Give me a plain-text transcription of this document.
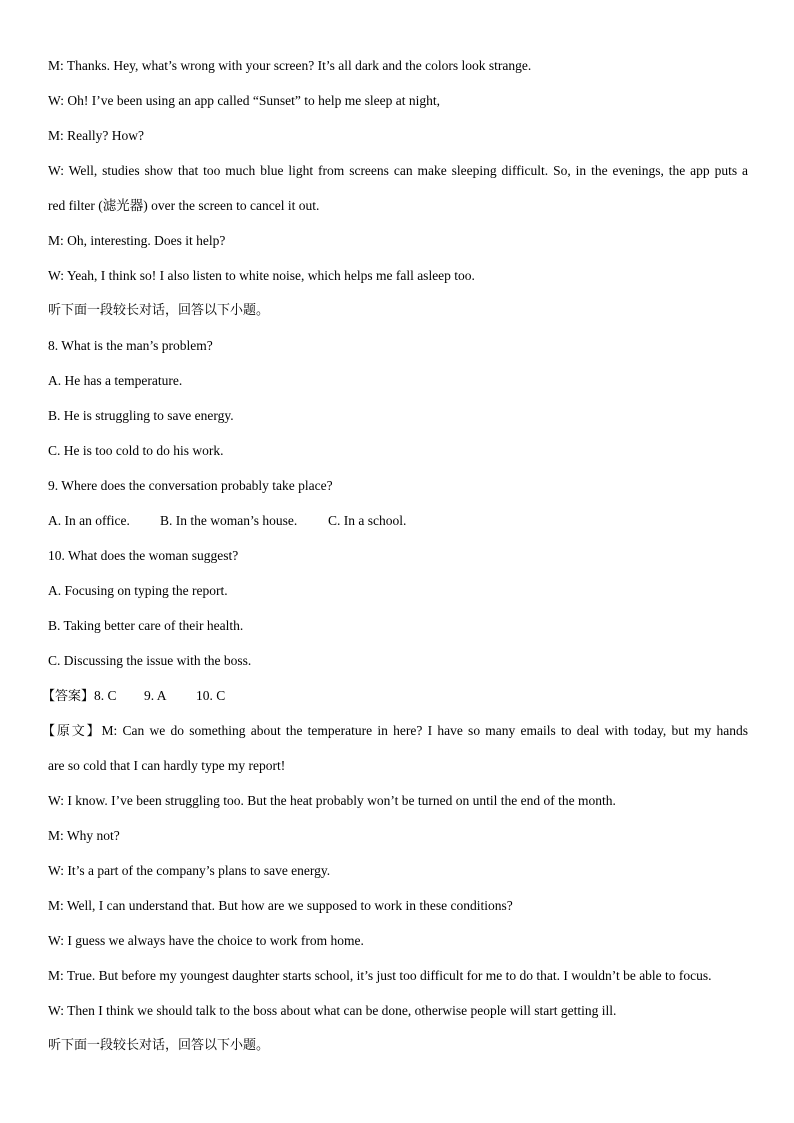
M: Thanks. Hey, what’s wrong with your screen? It’s all dark and the colors look strange.
W: Oh! I’ve been using an app called “Sunset” to help me sleep at night,
M: Really? How?
W: Well, studies show that too much blue light from screens can make sleeping difficult. So, in the evenings, the app puts a
red filter (滤光器) over the screen to cancel it out.
M: Oh, interesting. Does it help?
W: Yeah, I think so! I also listen to white noise, which helps me fall asleep too.
听下面一段较长对话，回答以下小题。
8. What is the man’s problem?
A. He has a temperature.
B. He is struggling to save energy.
C. He is too cold to do his work.
9. Where does the conversation probably take place?
A. In an office. B. In the woman’s house. C. In a school.
10. What does the woman suggest?
A. Focusing on typing the report.
B. Taking better care of their health.
C. Discussing the issue with the boss.
【答案】8. C 9. A 10. C
【原文】M: Can we do something about the temperature in here? I have so many emails to deal with today, but my hands
are so cold that I can hardly type my report!
W: I know. I’ve been struggling too. But the heat probably won’t be turned on until the end of the month.
M: Why not?
W: It’s a part of the company’s plans to save energy.
M: Well, I can understand that. But how are we supposed to work in these conditions?
W: I guess we always have the choice to work from home.
M: True. But before my youngest daughter starts school, it’s just too difficult for me to do that. I wouldn’t be able to focus.
W: Then I think we should talk to the boss about what can be done, otherwise people will start getting ill.
听下面一段较长对话，回答以下小题。
